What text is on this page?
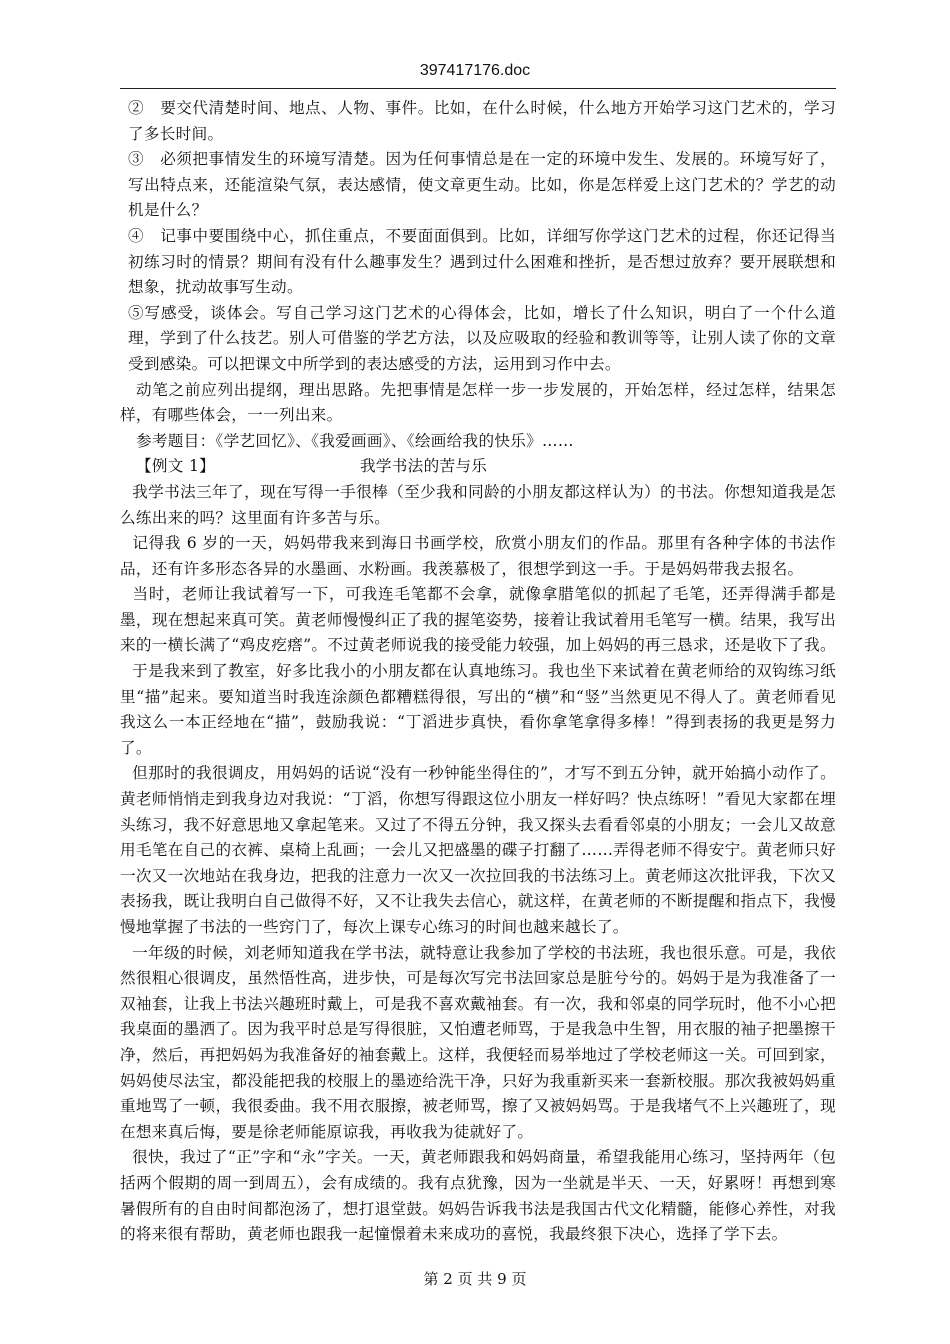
397417176.doc

②　要交代清楚时间、地点、人物、事件。比如，在什么时候，什么地方开始学习这门艺术的，学习了多长时间。

③　必须把事情发生的环境写清楚。因为任何事情总是在一定的环境中发生、发展的。环境写好了，写出特点来，还能渲染气氛，表达感情，使文章更生动。比如，你是怎样爱上这门艺术的？学艺的动机是什么？

④　记事中要围绕中心，抓住重点，不要面面俱到。比如，详细写你学这门艺术的过程，你还记得当初练习时的情景？期间有没有什么趣事发生？遇到过什么困难和挫折，是否想过放弃？要开展联想和想象，扰动故事写生动。

⑤写感受，谈体会。写自己学习这门艺术的心得体会，比如，增长了什么知识，明白了一个什么道理，学到了什么技艺。别人可借鉴的学艺方法，以及应吸取的经验和教训等等，让别人读了你的文章受到感染。可以把课文中所学到的表达感受的方法，运用到习作中去。

动笔之前应列出提纲，理出思路。先把事情是怎样一步一步发展的，开始怎样，经过怎样，结果怎样，有哪些体会，一一列出来。

参考题目：《学艺回忆》、《我爱画画》、《绘画给我的快乐》……

【例文 1】	我学书法的苦与乐

我学书法三年了，现在写得一手很棒（至少我和同龄的小朋友都这样认为）的书法。你想知道我是怎么练出来的吗？这里面有许多苦与乐。

记得我 6 岁的一天，妈妈带我来到海日书画学校，欣赏小朋友们的作品。那里有各种字体的书法作品，还有许多形态各异的水墨画、水粉画。我羡慕极了，很想学到这一手。于是妈妈带我去报名。

当时，老师让我试着写一下，可我连毛笔都不会拿，就像拿腊笔似的抓起了毛笔，还弄得满手都是墨，现在想起来真可笑。黄老师慢慢纠正了我的握笔姿势，接着让我试着用毛笔写一横。结果，我写出来的一横长满了“鸡皮疙瘩”。不过黄老师说我的接受能力较强，加上妈妈的再三恳求，还是收下了我。

于是我来到了教室，好多比我小的小朋友都在认真地练习。我也坐下来试着在黄老师给的双钩练习纸里“描”起来。要知道当时我连涂颜色都糟糕得很，写出的“横”和“竖”当然更见不得人了。黄老师看见我这么一本正经地在“描”，鼓励我说：“丁滔进步真快，看你拿笔拿得多棒！”得到表扬的我更是努力了。

但那时的我很调皮，用妈妈的话说“没有一秒钟能坐得住的”，才写不到五分钟，就开始搞小动作了。黄老师悄悄走到我身边对我说：“丁滔，你想写得跟这位小朋友一样好吗？快点练呀！”看见大家都在埋头练习，我不好意思地又拿起笔来。又过了不得五分钟，我又探头去看看邻桌的小朋友；一会儿又故意用毛笔在自己的衣裤、桌椅上乱画；一会儿又把盛墨的碟子打翻了……弄得老师不得安宁。黄老师只好一次又一次地站在我身边，把我的注意力一次又一次拉回我的书法练习上。黄老师这次批评我，下次又表扬我，既让我明白自己做得不好，又不让我失去信心，就这样，在黄老师的不断提醒和指点下，我慢慢地掌握了书法的一些窍门了，每次上课专心练习的时间也越来越长了。

一年级的时候，刘老师知道我在学书法，就特意让我参加了学校的书法班，我也很乐意。可是，我依然很粗心很调皮，虽然悟性高，进步快，可是每次写完书法回家总是脏兮兮的。妈妈于是为我准备了一双袖套，让我上书法兴趣班时戴上，可是我不喜欢戴袖套。有一次，我和邻桌的同学玩时，他不小心把我桌面的墨洒了。因为我平时总是写得很脏，又怕遭老师骂，于是我急中生智，用衣服的袖子把墨擦干净，然后，再把妈妈为我准备好的袖套戴上。这样，我便轻而易举地过了学校老师这一关。可回到家，妈妈使尽法宝，都没能把我的校服上的墨迹给洗干净，只好为我重新买来一套新校服。那次我被妈妈重重地骂了一顿，我很委曲。我不用衣服擦，被老师骂，擦了又被妈妈骂。于是我堵气不上兴趣班了，现在想来真后悔，要是徐老师能原谅我，再收我为徒就好了。

很快，我过了“正”字和“永”字关。一天，黄老师跟我和妈妈商量，希望我能用心练习，坚持两年（包括两个假期的周一到周五），会有成绩的。我有点犹豫，因为一坐就是半天、一天，好累呀！再想到寒暑假所有的自由时间都泡汤了，想打退堂鼓。妈妈告诉我书法是我国古代文化精髓，能修心养性，对我的将来很有帮助，黄老师也跟我一起憧憬着未来成功的喜悦，我最终狠下决心，选择了学下去。

第 2 页 共 9 页
